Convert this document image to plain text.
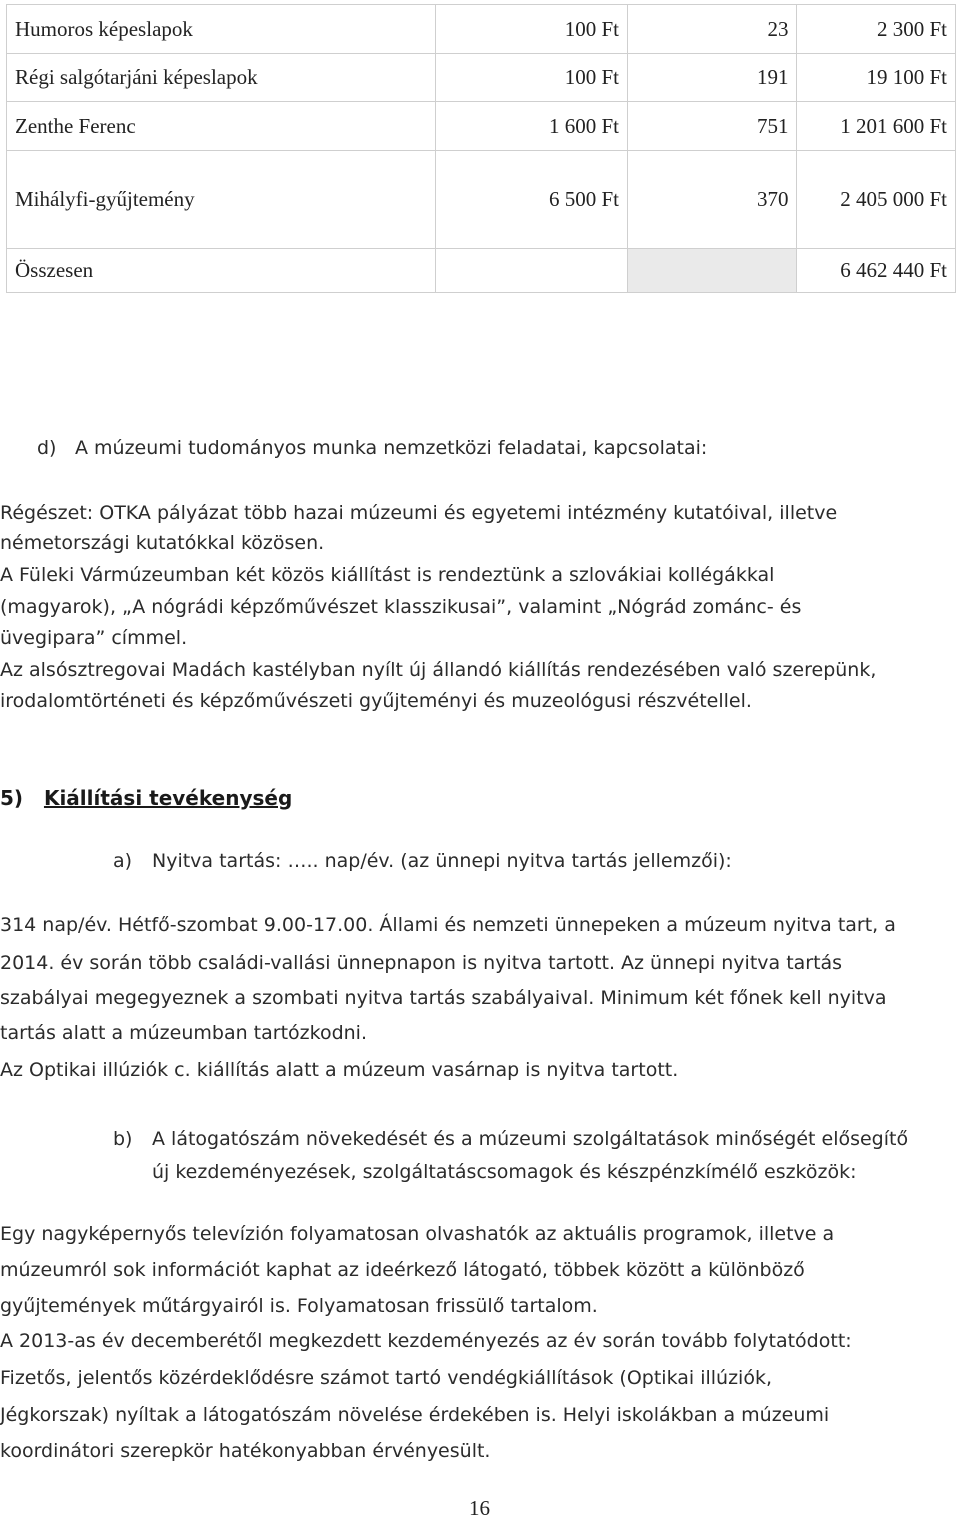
Humoros képeslapok	100 Ft	23	2 300 Ft
Régi salgótarjáni képeslapok	100 Ft	191	19 100 Ft
Zenthe Ferenc	1 600 Ft	751	1 201 600 Ft
Mihályfi-gyűjtemény	6 500 Ft	370	2 405 000 Ft
Összesen			6 462 440 Ft
d) A múzeumi tudományos munka nemzetközi feladatai, kapcsolatai:
Régészet: OTKA pályázat több hazai múzeumi és egyetemi intézmény kutatóival, illetve
németországi kutatókkal közösen.
A Füleki Vármúzeumban két közös kiállítást is rendeztünk a szlovákiai kollégákkal
(magyarok), „A nógrádi képzőművészet klasszikusai”, valamint „Nógrád zománc- és
üvegipara” címmel.
Az alsósztregovai Madách kastélyban nyílt új állandó kiállítás rendezésében való szerepünk,
irodalomtörténeti és képzőművészeti gyűjteményi és muzeológusi részvétellel.
5) Kiállítási tevékenység
a) Nyitva tartás: ….. nap/év. (az ünnepi nyitva tartás jellemzői):
314 nap/év. Hétfő-szombat 9.00-17.00. Állami és nemzeti ünnepeken a múzeum nyitva tart, a
2014. év során több családi-vallási ünnepnapon is nyitva tartott. Az ünnepi nyitva tartás
szabályai megegyeznek a szombati nyitva tartás szabályaival. Minimum két főnek kell nyitva
tartás alatt a múzeumban tartózkodni.
Az Optikai illúziók c. kiállítás alatt a múzeum vasárnap is nyitva tartott.
b) A látogatószám növekedését és a múzeumi szolgáltatások minőségét elősegítő
új kezdeményezések, szolgáltatáscsomagok és készpénzkímélő eszközök:
Egy nagyképernyős televízión folyamatosan olvashatók az aktuális programok, illetve a
múzeumról sok információt kaphat az ideérkező látogató, többek között a különböző
gyűjtemények műtárgyairól is. Folyamatosan frissülő tartalom.
A 2013-as év decemberétől megkezdett kezdeményezés az év során tovább folytatódott:
Fizetős, jelentős közérdeklődésre számot tartó vendégkiállítások (Optikai illúziók,
Jégkorszak) nyíltak a látogatószám növelése érdekében is. Helyi iskolákban a múzeumi
koordinátori szerepkör hatékonyabban érvényesült.
16
